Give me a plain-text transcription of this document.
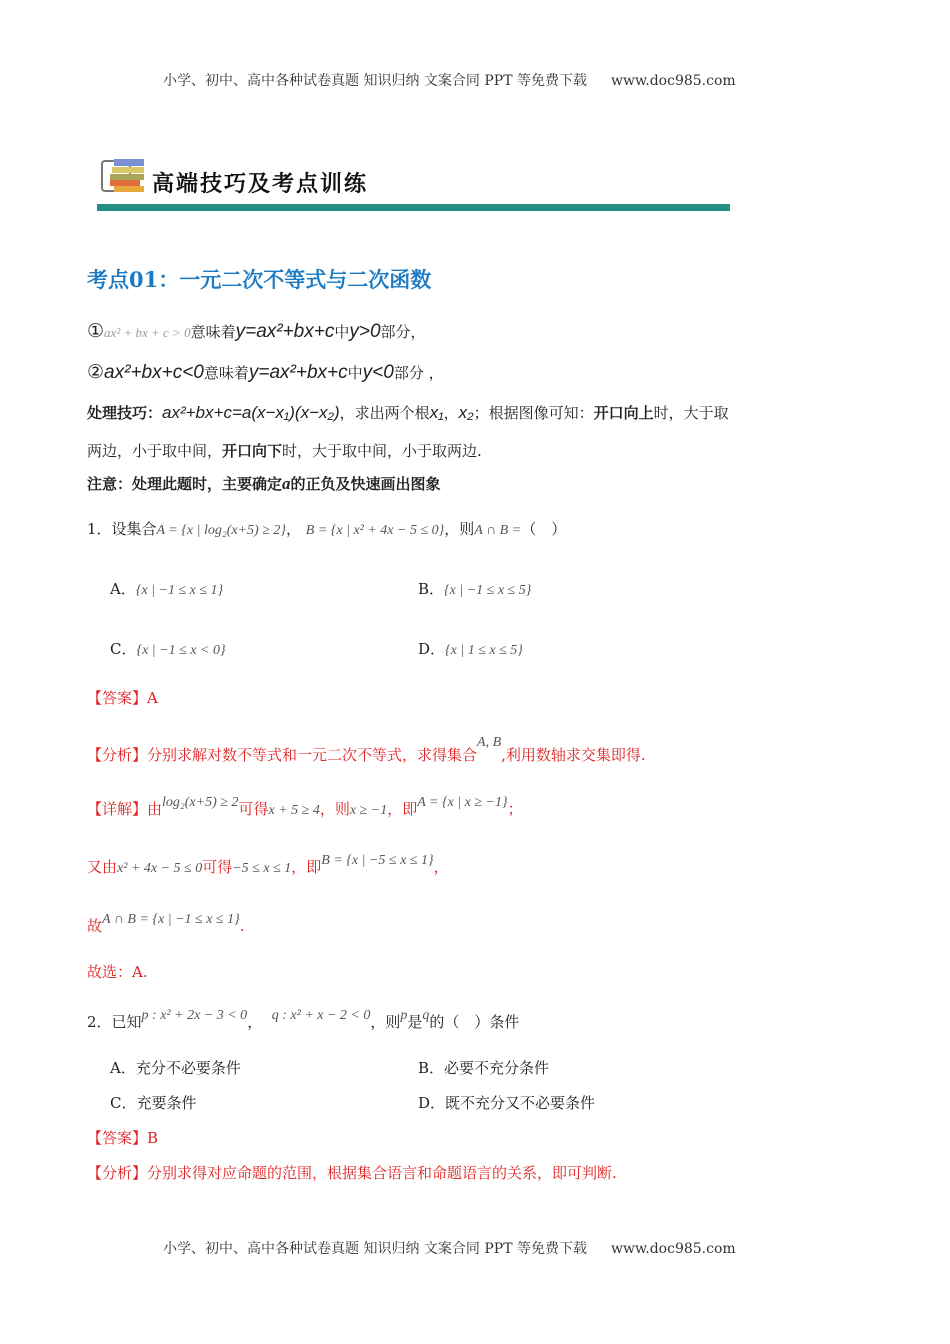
小学、初中、高中各种试卷真题 知识归纳 文案合同 PPT 等免费下载 www.doc985.com
高端技巧及考点训练
考点01：一元二次不等式与二次函数
①ax² + bx + c > 0意味着y=ax²+bx+c中y>0部分，
②ax²+bx+c<0意味着y=ax²+bx+c中y<0部分 ，
处理技巧：ax²+bx+c=a(x−x₁)(x−x₂)，求出两个根x₁，x₂；根据图像可知：开口向上时，大于取
两边，小于取中间，开口向下时，大于取中间，小于取两边.
注意：处理此题时，主要确定a的正负及快速画出图象
1．设集合A = {x | log₂(x+5) ≥ 2}， B = {x | x² + 4x − 5 ≤ 0}，则A ∩ B =（　）
A．{x | −1 ≤ x ≤ 1}	B．{x | −1 ≤ x ≤ 5}
C．{x | −1 ≤ x < 0}	D．{x | 1 ≤ x ≤ 5}
【答案】A
【分析】分别求解对数不等式和一元二次不等式，求得集合A, B,利用数轴求交集即得.
【详解】由log₂(x+5) ≥ 2可得x + 5 ≥ 4，则x ≥ −1，即A = {x | x ≥ −1}；
又由x² + 4x − 5 ≤ 0可得−5 ≤ x ≤ 1，即B = {x | −5 ≤ x ≤ 1}，
故A ∩ B = {x | −1 ≤ x ≤ 1}.
故选：A.
2．已知p : x² + 2x − 3 < 0， q : x² + x − 2 < 0，则p是q的（　）条件
A．充分不必要条件	B．必要不充分条件
C．充要条件	D．既不充分又不必要条件
【答案】B
【分析】分别求得对应命题的范围，根据集合语言和命题语言的关系，即可判断.
小学、初中、高中各种试卷真题 知识归纳 文案合同 PPT 等免费下载 www.doc985.com
